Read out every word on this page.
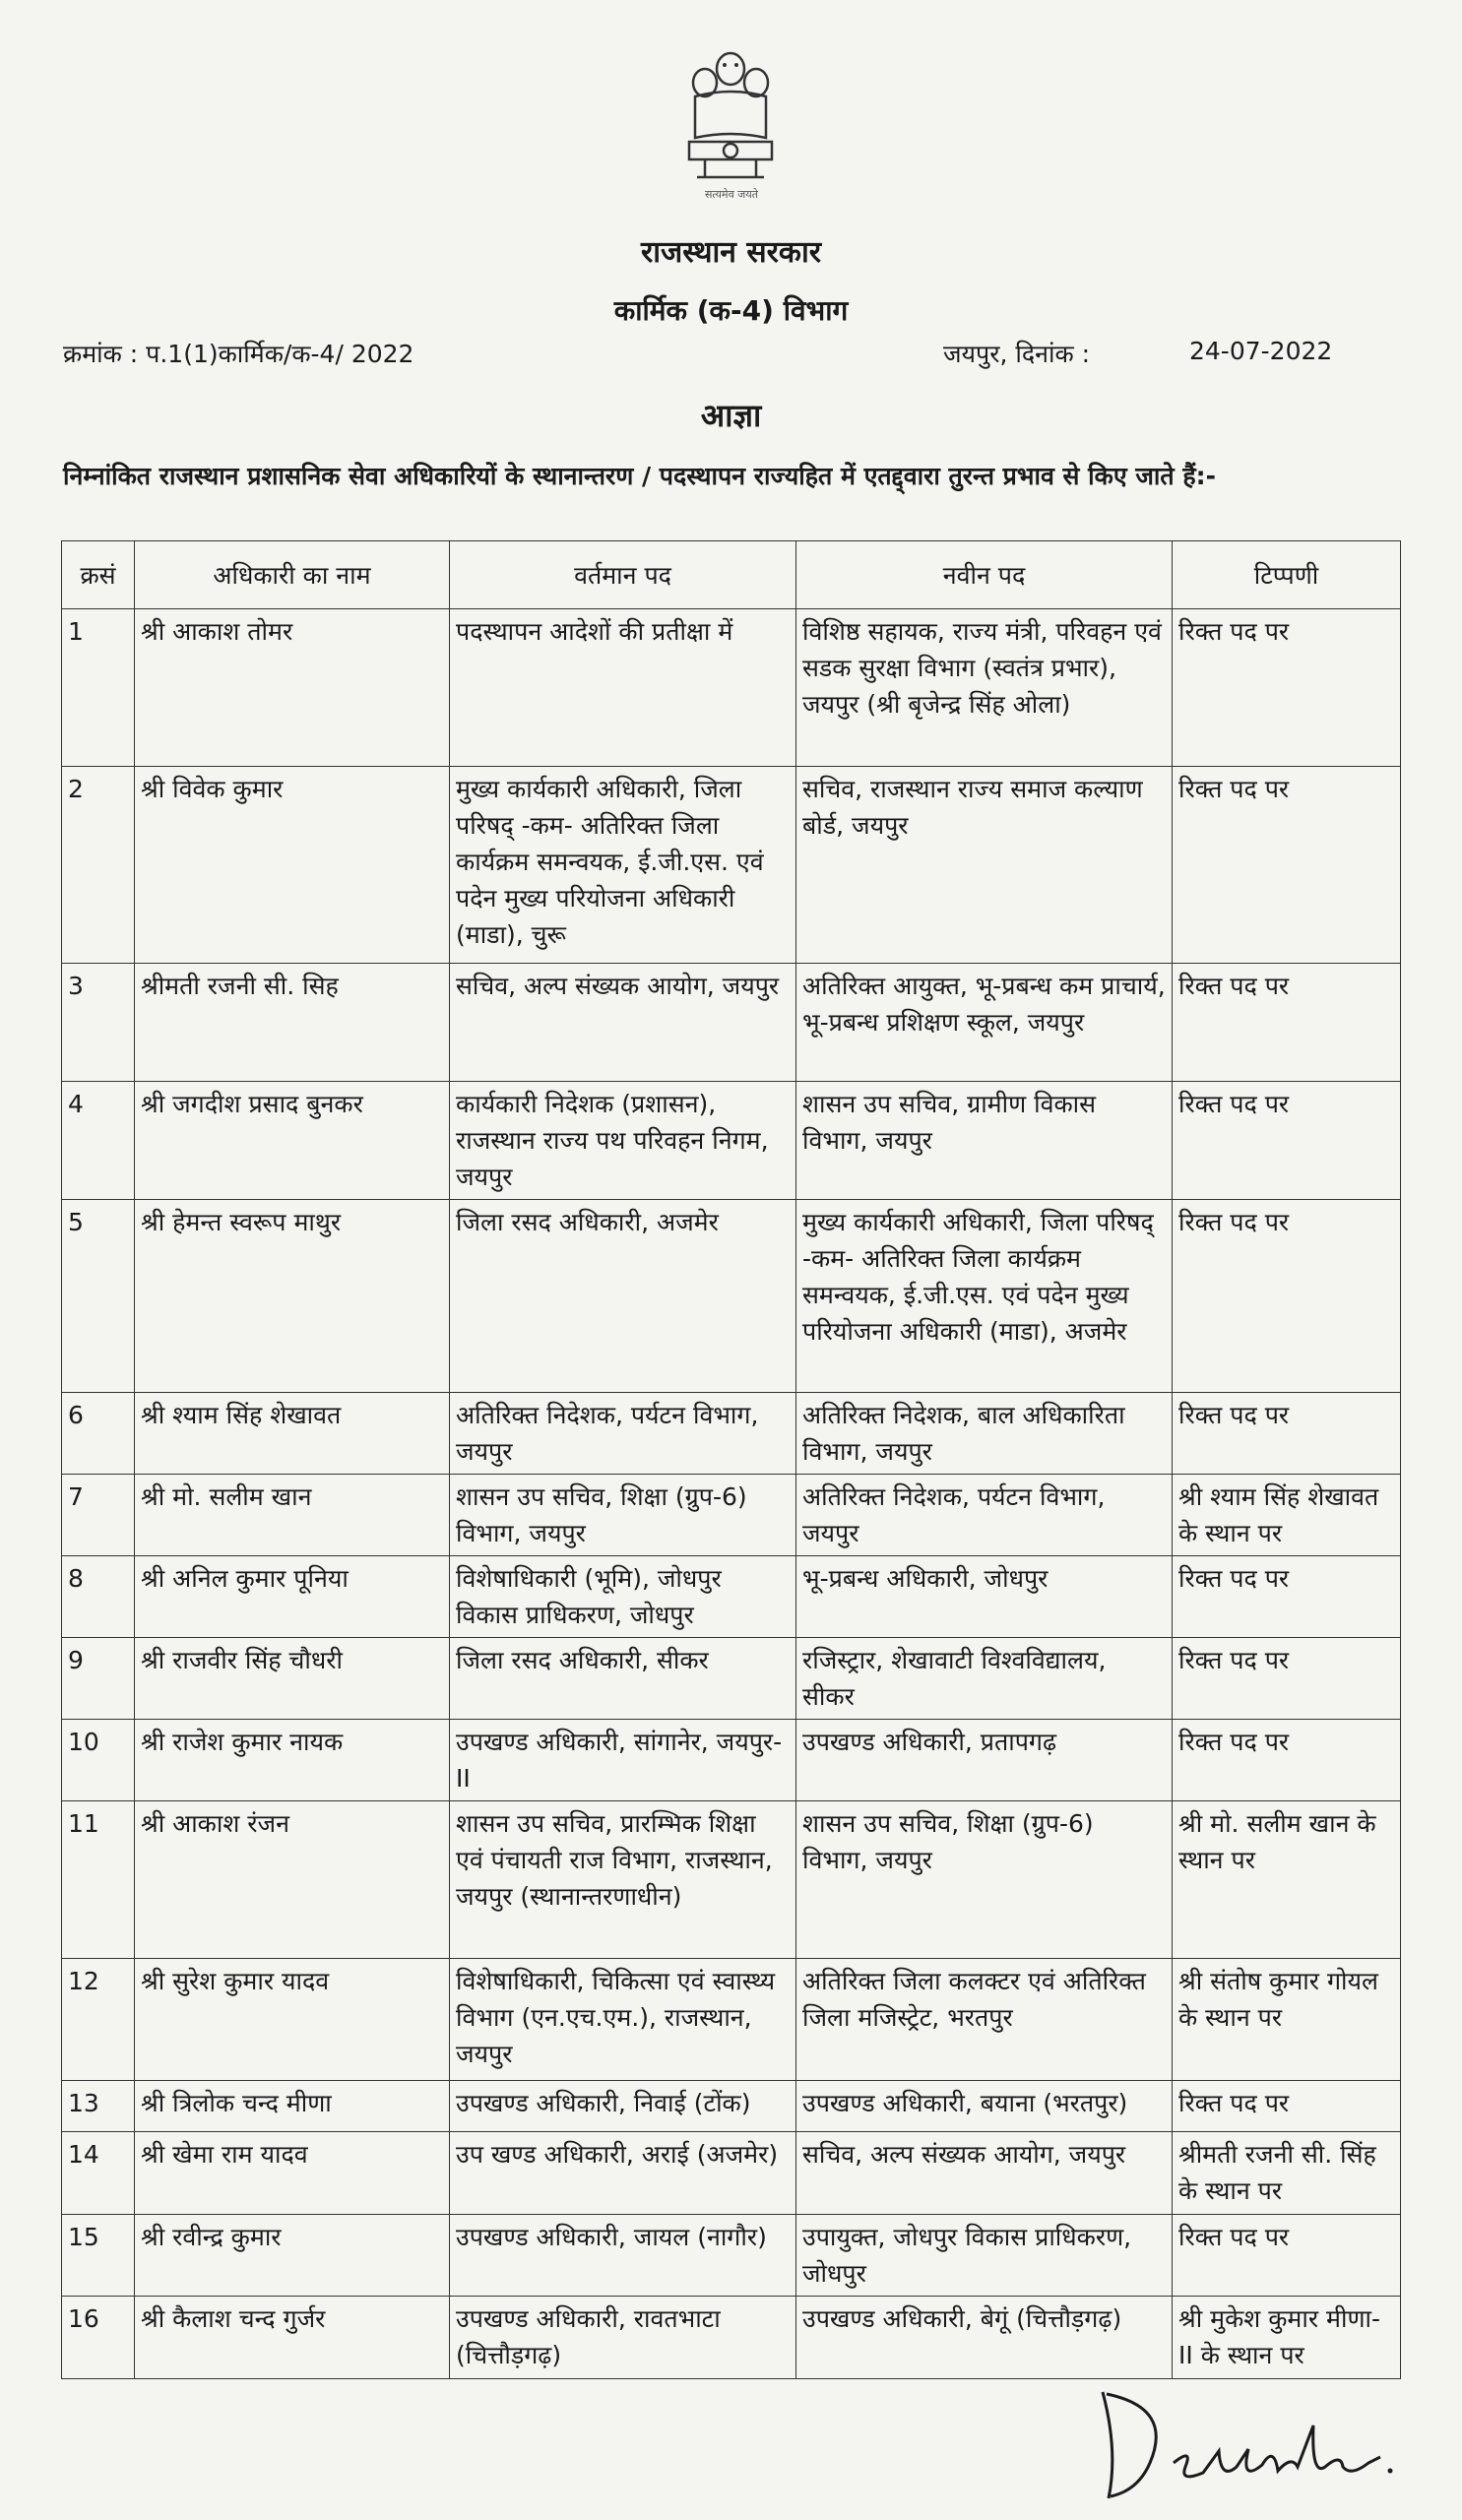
सत्यमेव जयते
राजस्थान सरकार
कार्मिक (क-4) विभाग
क्रमांक : प.1(1)कार्मिक/क-4/ 2022	जयपुर, दिनांक :	24-07-2022
आज्ञा
निम्नांकित राजस्थान प्रशासनिक सेवा अधिकारियों के स्थानान्तरण / पदस्थापन राज्यहित में एतद्द्वारा तुरन्त प्रभाव से किए जाते हैं:-
क्रसं	अधिकारी का नाम	वर्तमान पद	नवीन पद	टिप्पणी
1	श्री आकाश तोमर	पदस्थापन आदेशों की प्रतीक्षा में	विशिष्ठ सहायक, राज्य मंत्री, परिवहन एवं सडक सुरक्षा विभाग (स्वतंत्र प्रभार), जयपुर (श्री बृजेन्द्र सिंह ओला)	रिक्त पद पर
2	श्री विवेक कुमार	मुख्य कार्यकारी अधिकारी, जिला परिषद् -कम- अतिरिक्त जिला कार्यक्रम समन्वयक, ई.जी.एस. एवं पदेन मुख्य परियोजना अधिकारी (माडा), चुरू	सचिव, राजस्थान राज्य समाज कल्याण बोर्ड, जयपुर	रिक्त पद पर
3	श्रीमती रजनी सी. सिह	सचिव, अल्प संख्यक आयोग, जयपुर	अतिरिक्त आयुक्त, भू-प्रबन्ध कम प्राचार्य, भू-प्रबन्ध प्रशिक्षण स्कूल, जयपुर	रिक्त पद पर
4	श्री जगदीश प्रसाद बुनकर	कार्यकारी निदेशक (प्रशासन), राजस्थान राज्य पथ परिवहन निगम, जयपुर	शासन उप सचिव, ग्रामीण विकास विभाग, जयपुर	रिक्त पद पर
5	श्री हेमन्त स्वरूप माथुर	जिला रसद अधिकारी, अजमेर	मुख्य कार्यकारी अधिकारी, जिला परिषद् -कम- अतिरिक्त जिला कार्यक्रम समन्वयक, ई.जी.एस. एवं पदेन मुख्य परियोजना अधिकारी (माडा), अजमेर	रिक्त पद पर
6	श्री श्याम सिंह शेखावत	अतिरिक्त निदेशक, पर्यटन विभाग, जयपुर	अतिरिक्त निदेशक, बाल अधिकारिता विभाग, जयपुर	रिक्त पद पर
7	श्री मो. सलीम खान	शासन उप सचिव, शिक्षा (ग्रुप-6) विभाग, जयपुर	अतिरिक्त निदेशक, पर्यटन विभाग, जयपुर	श्री श्याम सिंह शेखावत के स्थान पर
8	श्री अनिल कुमार पूनिया	विशेषाधिकारी (भूमि), जोधपुर विकास प्राधिकरण, जोधपुर	भू-प्रबन्ध अधिकारी, जोधपुर	रिक्त पद पर
9	श्री राजवीर सिंह चौधरी	जिला रसद अधिकारी, सीकर	रजिस्ट्रार, शेखावाटी विश्वविद्यालय, सीकर	रिक्त पद पर
10	श्री राजेश कुमार नायक	उपखण्ड अधिकारी, सांगानेर, जयपुर-II	उपखण्ड अधिकारी, प्रतापगढ़	रिक्त पद पर
11	श्री आकाश रंजन	शासन उप सचिव, प्रारम्भिक शिक्षा एवं पंचायती राज विभाग, राजस्थान, जयपुर (स्थानान्तरणाधीन)	शासन उप सचिव, शिक्षा (ग्रुप-6) विभाग, जयपुर	श्री मो. सलीम खान के स्थान पर
12	श्री सुरेश कुमार यादव	विशेषाधिकारी, चिकित्सा एवं स्वास्थ्य विभाग (एन.एच.एम.), राजस्थान, जयपुर	अतिरिक्त जिला कलक्टर एवं अतिरिक्त जिला मजिस्ट्रेट, भरतपुर	श्री संतोष कुमार गोयल के स्थान पर
13	श्री त्रिलोक चन्द मीणा	उपखण्ड अधिकारी, निवाई (टोंक)	उपखण्ड अधिकारी, बयाना (भरतपुर)	रिक्त पद पर
14	श्री खेमा राम यादव	उप खण्ड अधिकारी, अराई (अजमेर)	सचिव, अल्प संख्यक आयोग, जयपुर	श्रीमती रजनी सी. सिंह के स्थान पर
15	श्री रवीन्द्र कुमार	उपखण्ड अधिकारी, जायल (नागौर)	उपायुक्त, जोधपुर विकास प्राधिकरण, जोधपुर	रिक्त पद पर
16	श्री कैलाश चन्द गुर्जर	उपखण्ड अधिकारी, रावतभाटा (चित्तौड़गढ़)	उपखण्ड अधिकारी, बेगूं (चित्तौड़गढ़)	श्री मुकेश कुमार मीणा-II के स्थान पर
